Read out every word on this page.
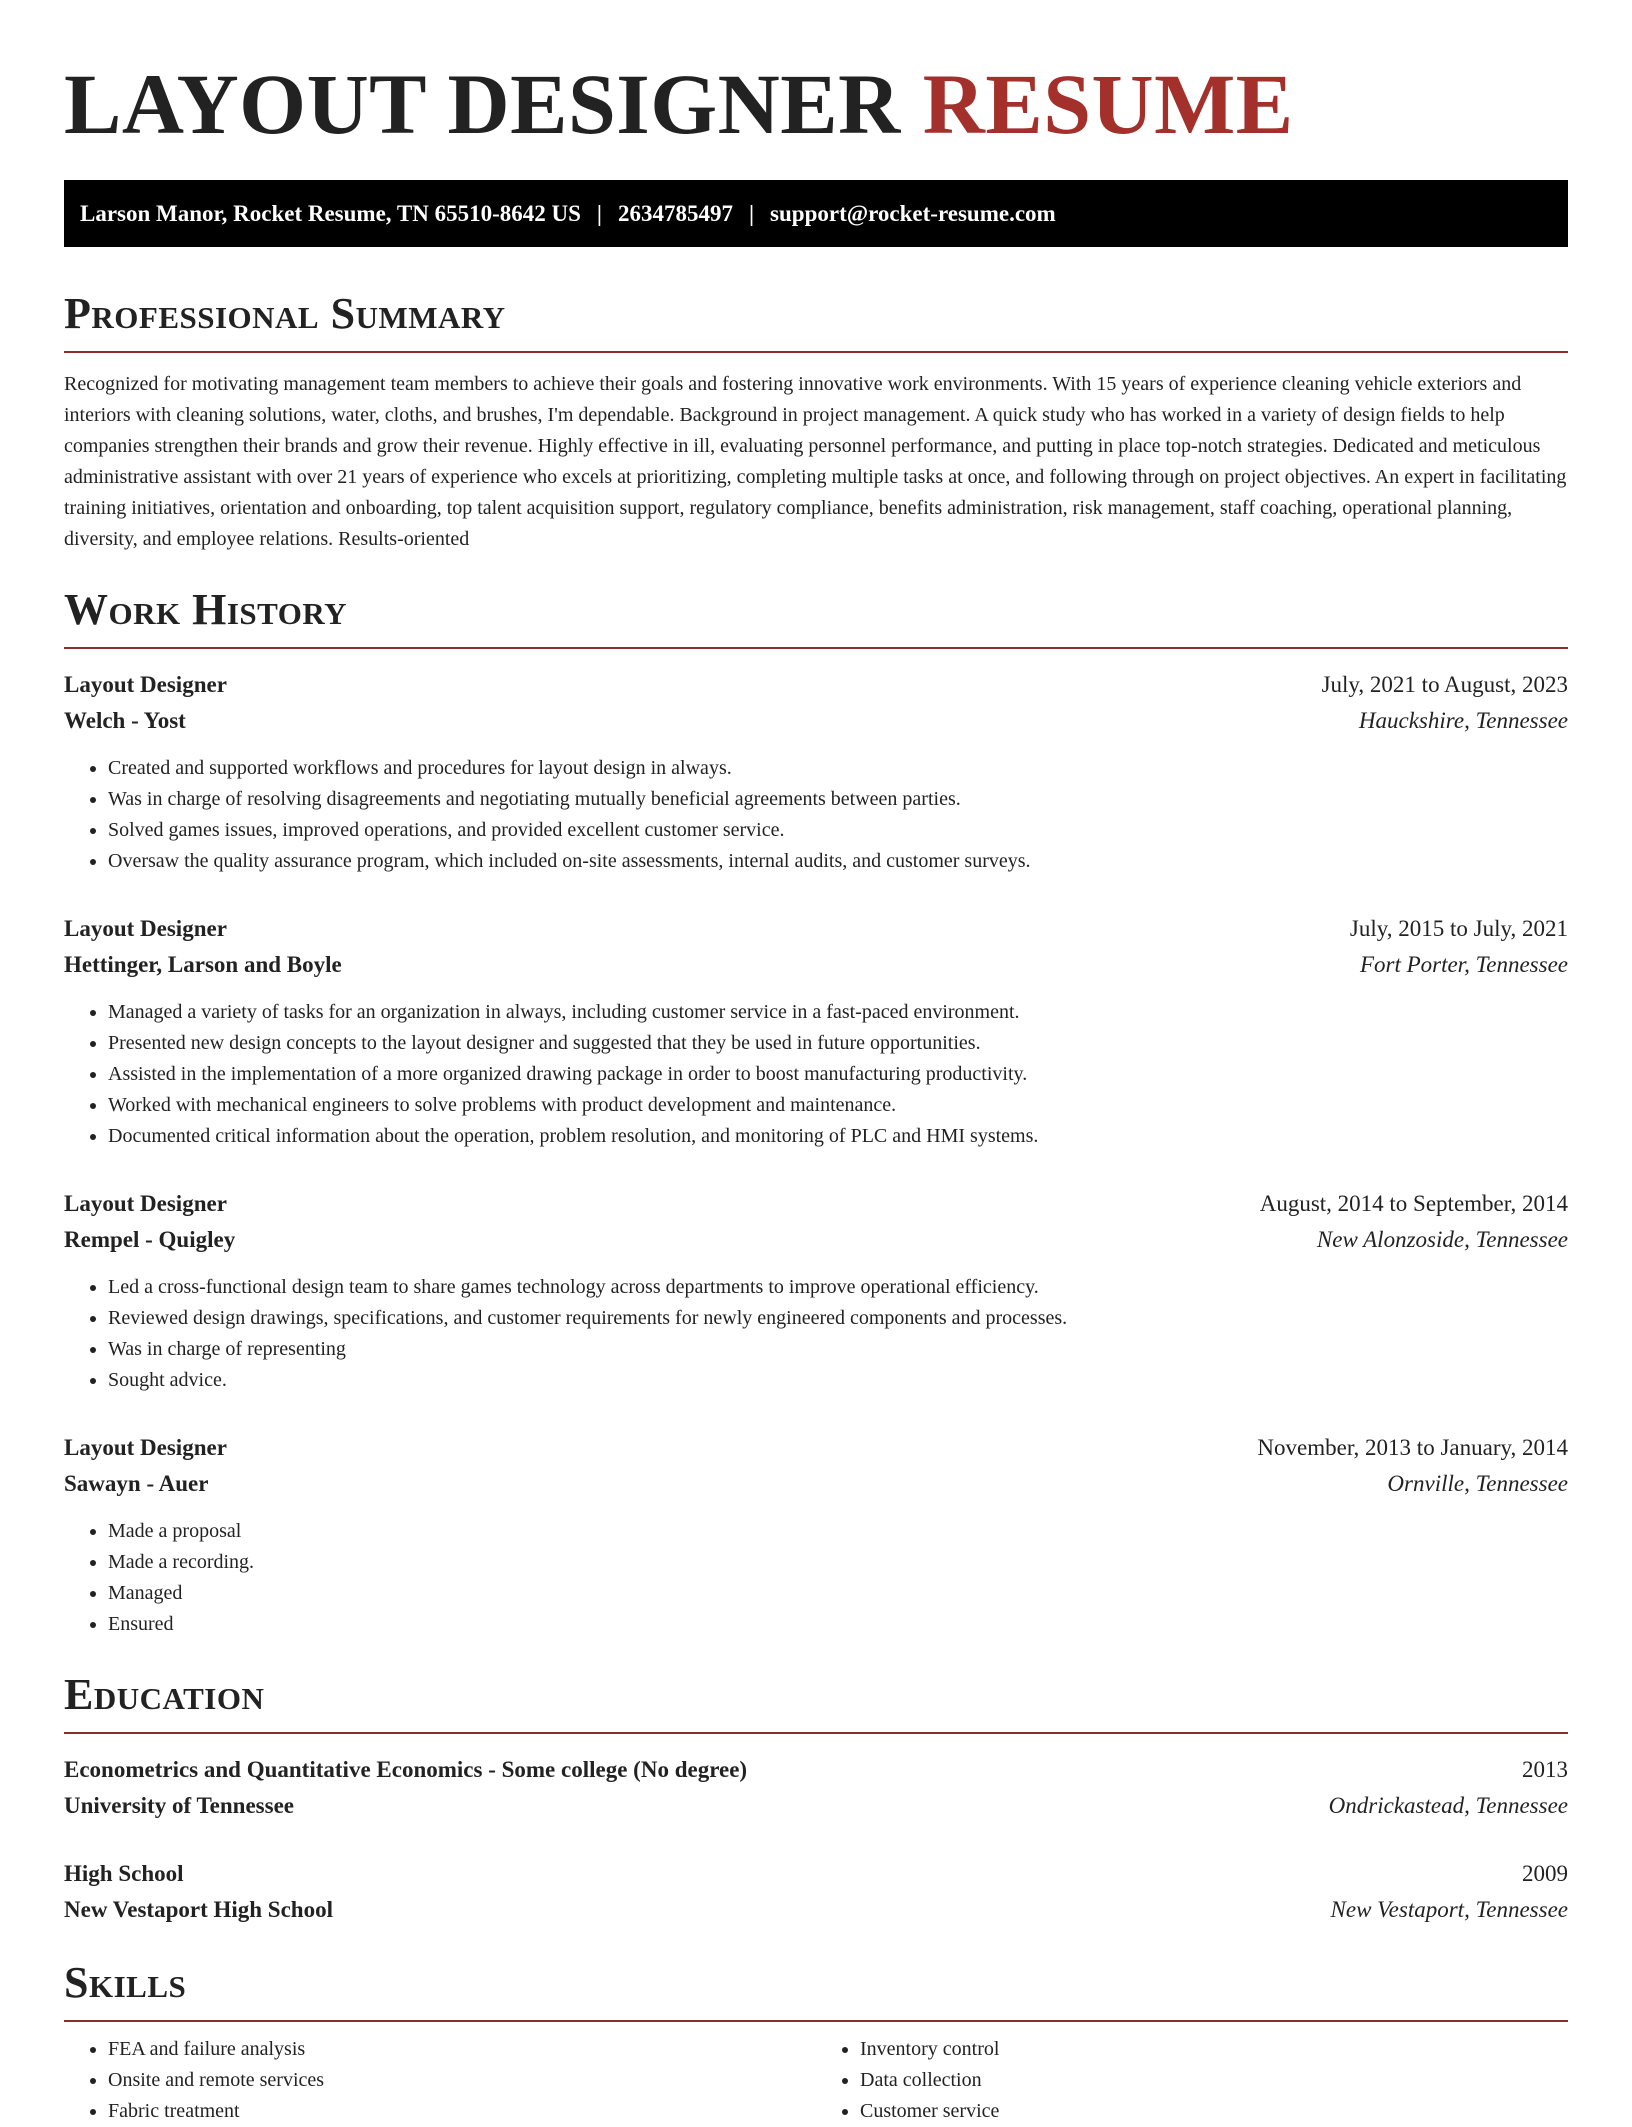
LAYOUT DESIGNER RESUME
Larson Manor, Rocket Resume, TN 65510-8642 US | 2634785497 | support@rocket-resume.com
Professional Summary

Recognized for motivating management team members to achieve their goals and fostering innovative work environments. With 15 years of experience cleaning vehicle exteriors and interiors with cleaning solutions, water, cloths, and brushes, I'm dependable. Background in project management. A quick study who has worked in a variety of design fields to help companies strengthen their brands and grow their revenue. Highly effective in ill, evaluating personnel performance, and putting in place top-notch strategies. Dedicated and meticulous administrative assistant with over 21 years of experience who excels at prioritizing, completing multiple tasks at once, and following through on project objectives. An expert in facilitating training initiatives, orientation and onboarding, top talent acquisition support, regulatory compliance, benefits administration, risk management, staff coaching, operational planning, diversity, and employee relations. Results-oriented

Work History
Layout Designer	July, 2021 to August, 2023
Welch - Yost	Hauckshire, Tennessee
• Created and supported workflows and procedures for layout design in always.
• Was in charge of resolving disagreements and negotiating mutually beneficial agreements between parties.
• Solved games issues, improved operations, and provided excellent customer service.
• Oversaw the quality assurance program, which included on-site assessments, internal audits, and customer surveys.
Layout Designer	July, 2015 to July, 2021
Hettinger, Larson and Boyle	Fort Porter, Tennessee
• Managed a variety of tasks for an organization in always, including customer service in a fast-paced environment.
• Presented new design concepts to the layout designer and suggested that they be used in future opportunities.
• Assisted in the implementation of a more organized drawing package in order to boost manufacturing productivity.
• Worked with mechanical engineers to solve problems with product development and maintenance.
• Documented critical information about the operation, problem resolution, and monitoring of PLC and HMI systems.
Layout Designer	August, 2014 to September, 2014
Rempel - Quigley	New Alonzoside, Tennessee
• Led a cross-functional design team to share games technology across departments to improve operational efficiency.
• Reviewed design drawings, specifications, and customer requirements for newly engineered components and processes.
• Was in charge of representing
• Sought advice.
Layout Designer	November, 2013 to January, 2014
Sawayn - Auer	Ornville, Tennessee
• Made a proposal
• Made a recording.
• Managed
• Ensured
Education
Econometrics and Quantitative Economics - Some college (No degree)	2013
University of Tennessee	Ondrickastead, Tennessee
High School	2009
New Vestaport High School	New Vestaport, Tennessee
Skills
• FEA and failure analysis
• Onsite and remote services
• Fabric treatment
• Inventory control
• Data collection
• Customer service
